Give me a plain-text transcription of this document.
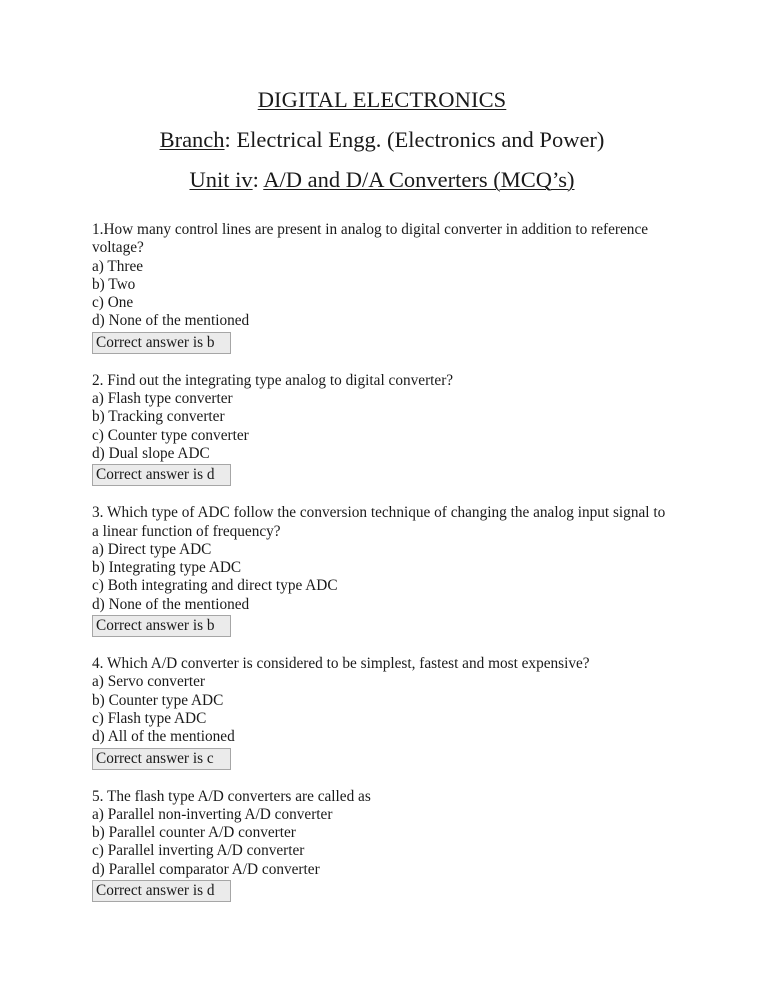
DIGITAL ELECTRONICS
Branch: Electrical Engg. (Electronics and Power)
Unit iv: A/D and D/A Converters (MCQ’s)

1.How many control lines are present in analog to digital converter in addition to reference voltage?

a) Three

b) Two

c) One

d) None of the mentioned

Correct answer is b

2. Find out the integrating type analog to digital converter?

a) Flash type converter

b) Tracking converter

c) Counter type converter

d) Dual slope ADC

Correct answer is d

3. Which type of ADC follow the conversion technique of changing the analog input signal to a linear function of frequency?

a) Direct type ADC

b) Integrating type ADC

c) Both integrating and direct type ADC

d) None of the mentioned

Correct answer is b

4. Which A/D converter is considered to be simplest, fastest and most expensive?

a) Servo converter

b) Counter type ADC

c) Flash type ADC

d) All of the mentioned

Correct answer is c

5. The flash type A/D converters are called as

a) Parallel non-inverting A/D converter

b) Parallel counter A/D converter

c) Parallel inverting A/D converter

d) Parallel comparator A/D converter

Correct answer is d
